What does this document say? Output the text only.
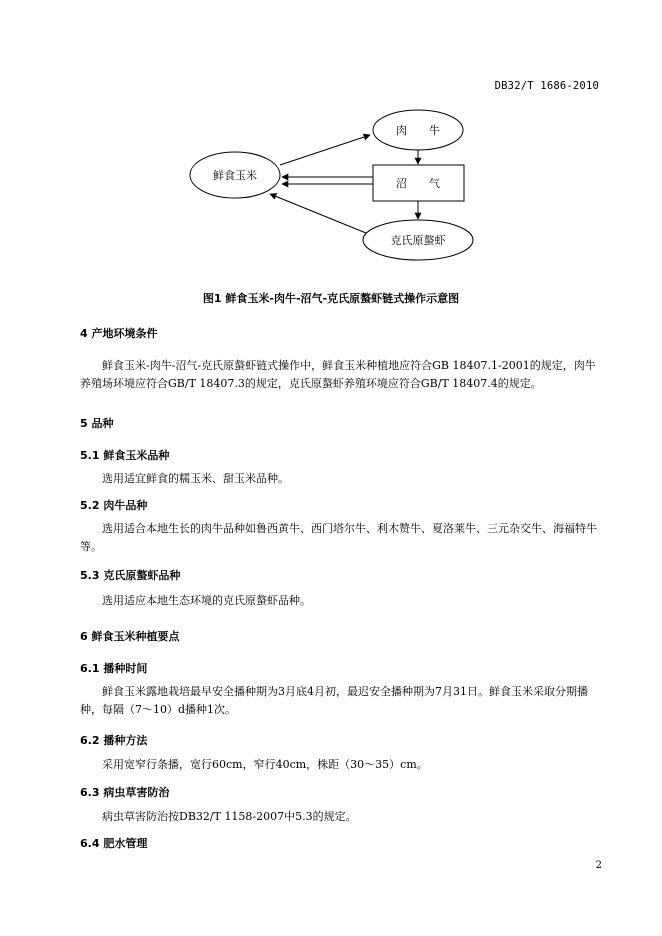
DB32/T 1686-2010
鲜食玉米
肉　　牛
沼　　气
克氏原螯虾
图1 鲜食玉米-肉牛-沼气-克氏原螯虾链式操作示意图
4 产地环境条件
鲜食玉米-肉牛-沼气-克氏原螯虾链式操作中，鲜食玉米种植地应符合GB 18407.1-2001的规定，肉牛养殖场环境应符合GB/T 18407.3的规定，克氏原螯虾养殖环境应符合GB/T 18407.4的规定。
5 品种
5.1 鲜食玉米品种
选用适宜鲜食的糯玉米、甜玉米品种。
5.2 肉牛品种
选用适合本地生长的肉牛品种如鲁西黄牛、西门塔尔牛、利木赞牛、夏洛莱牛、三元杂交牛、海福特牛等。
5.3 克氏原螯虾品种
选用适应本地生态环境的克氏原螯虾品种。
6 鲜食玉米种植要点
6.1 播种时间
鲜食玉米露地栽培最早安全播种期为3月底4月初，最迟安全播种期为7月31日。鲜食玉米采取分期播种，每隔（7～10）d播种1次。
6.2 播种方法
采用宽窄行条播，宽行60cm，窄行40cm，株距（30～35）cm。
6.3 病虫草害防治
病虫草害防治按DB32/T 1158-2007中5.3的规定。
6.4 肥水管理
2
